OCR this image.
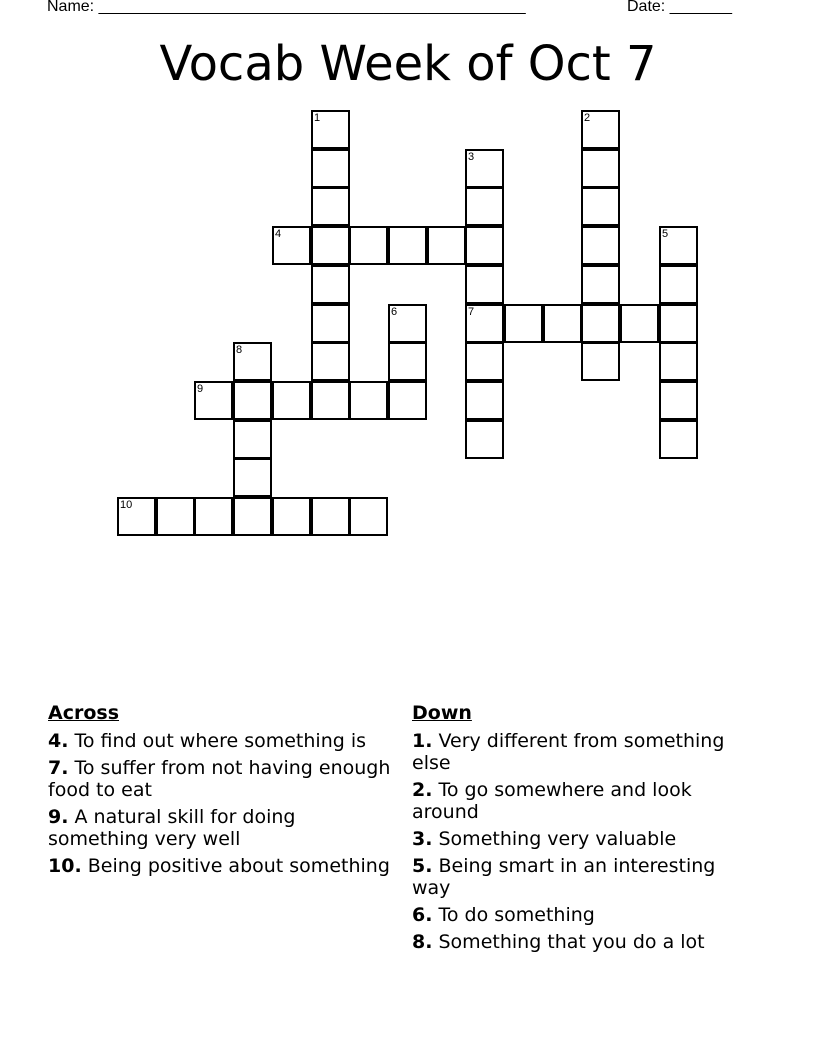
Name: ________________________________________________	Date: _______
Vocab Week of Oct 7
1	2
3
7
4	5
6
8
9
10
Across
4. To find out where something is
7. To suffer from not having enough food to eat
9. A natural skill for doing something very well
10. Being positive about something
Down
1. Very different from something else
2. To go somewhere and look around
3. Something very valuable
5. Being smart in an interesting way
6. To do something
8. Something that you do a lot
